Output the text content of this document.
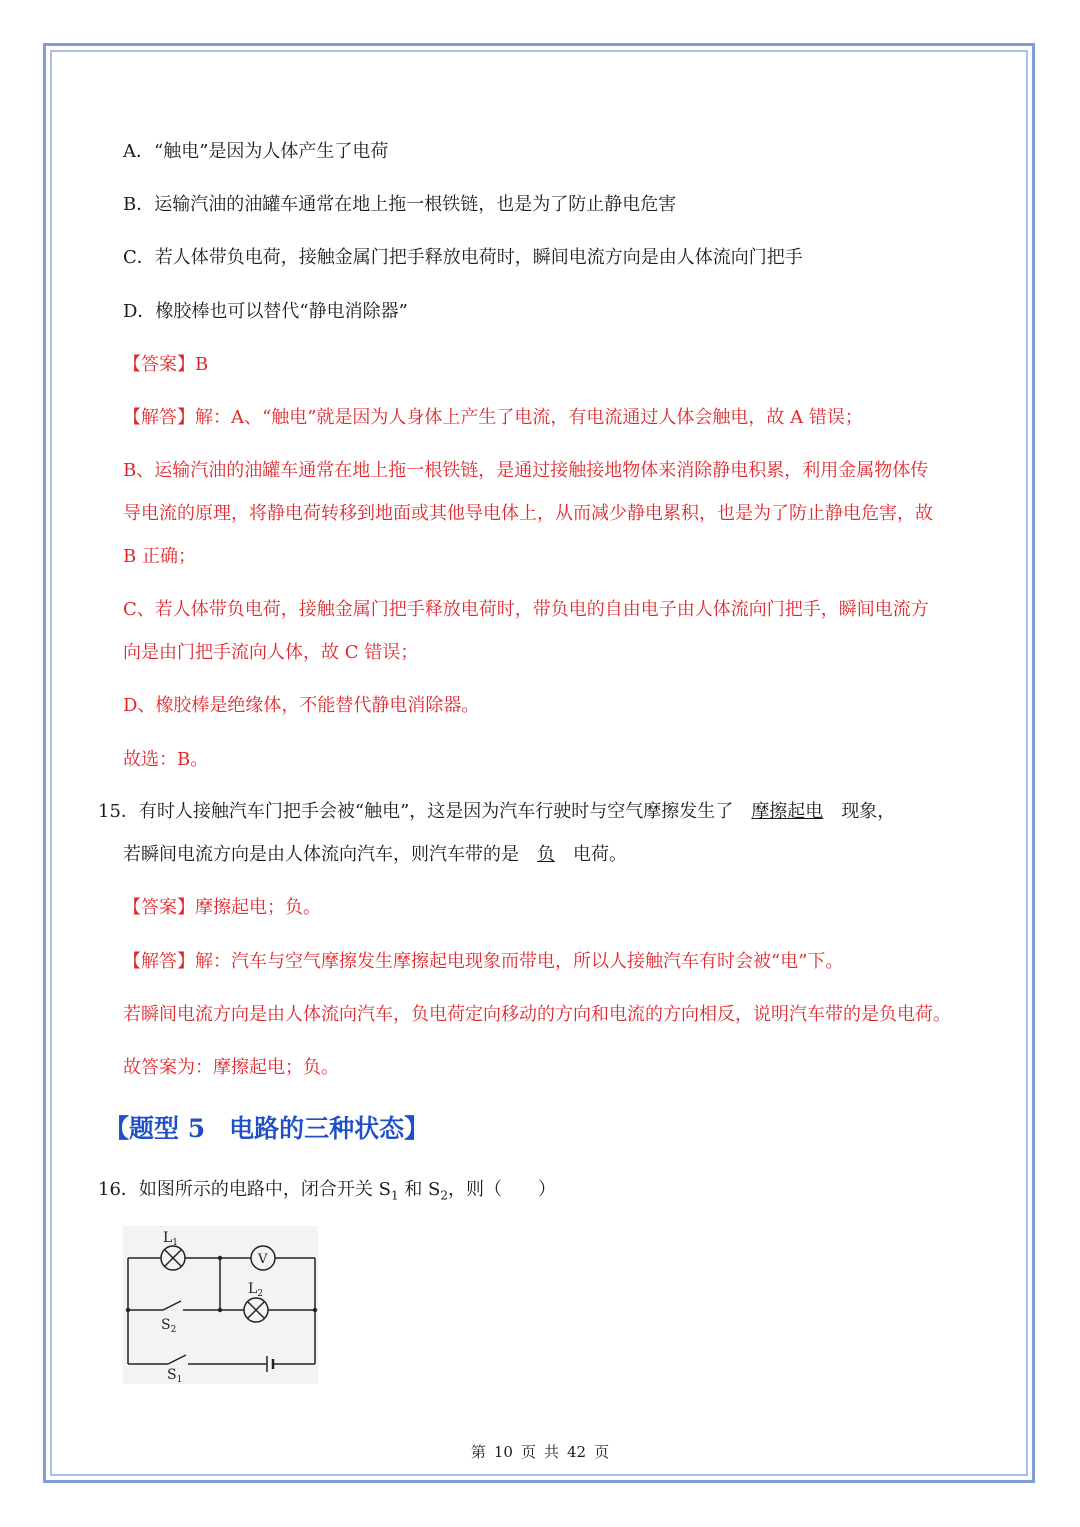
A．“触电”是因为人体产生了电荷
B．运输汽油的油罐车通常在地上拖一根铁链，也是为了防止静电危害
C．若人体带负电荷，接触金属门把手释放电荷时，瞬间电流方向是由人体流向门把手
D．橡胶棒也可以替代“静电消除器”
【答案】B
【解答】解：A、“触电”就是因为人身体上产生了电流，有电流通过人体会触电，故 A 错误；
B、运输汽油的油罐车通常在地上拖一根铁链，是通过接触接地物体来消除静电积累，利用金属物体传
导电流的原理，将静电荷转移到地面或其他导电体上，从而减少静电累积，也是为了防止静电危害，故
B 正确；
C、若人体带负电荷，接触金属门把手释放电荷时，带负电的自由电子由人体流向门把手，瞬间电流方
向是由门把手流向人体，故 C 错误；
D、橡胶棒是绝缘体，不能替代静电消除器。
故选：B。
15．有时人接触汽车门把手会被“触电”，这是因为汽车行驶时与空气摩擦发生了 摩擦起电 现象，
若瞬间电流方向是由人体流向汽车，则汽车带的是 负 电荷。
【答案】摩擦起电；负。
【解答】解：汽车与空气摩擦发生摩擦起电现象而带电，所以人接触汽车有时会被“电”下。
若瞬间电流方向是由人体流向汽车，负电荷定向移动的方向和电流的方向相反，说明汽车带的是负电荷。
故答案为：摩擦起电；负。
【题型 5 电路的三种状态】
16．如图所示的电路中，闭合开关 $S_1$ 和 $S_2$，则（　　）
$L_1$
V
$L_2$
$S_2$
$S_1$
第 10 页 共 42 页
